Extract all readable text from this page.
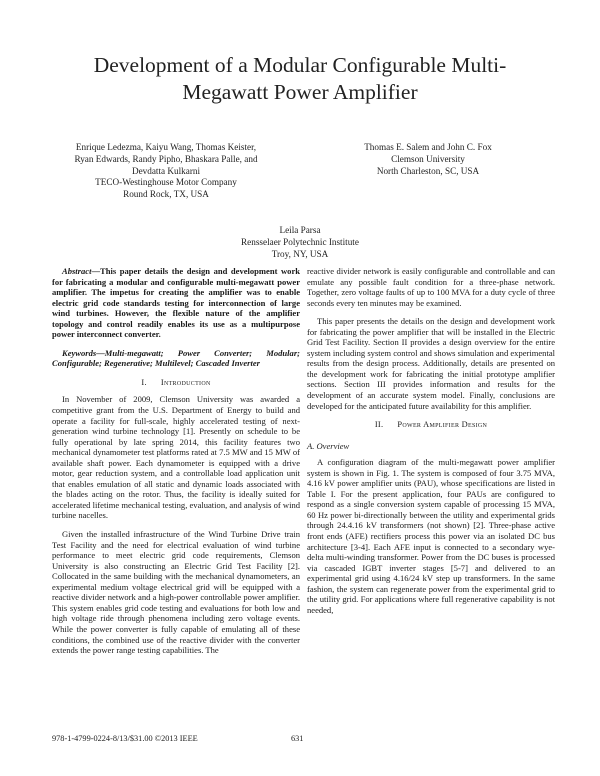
Development of a Modular Configurable Multi-
Megawatt Power Amplifier
Enrique Ledezma, Kaiyu Wang, Thomas Keister,
Ryan Edwards, Randy Pipho, Bhaskara Palle, and
Devdatta Kulkarni
TECO-Westinghouse Motor Company
Round Rock, TX, USA
Thomas E. Salem and John C. Fox
Clemson University
North Charleston, SC, USA
Leila Parsa
Rensselaer Polytechnic Institute
Troy, NY, USA

Abstract—This paper details the design and development work for fabricating a modular and configurable multi-megawatt power amplifier. The impetus for creating the amplifier was to enable electric grid code standards testing for interconnection of large wind turbines. However, the flexible nature of the amplifier topology and control readily enables its use as a multipurpose power interconnect converter.

Keywords—Multi-megawatt; Power Converter; Modular; Configurable; Regenerative; Multilevel; Cascaded Inverter

I. Introduction

In November of 2009, Clemson University was awarded a competitive grant from the U.S. Department of Energy to build and operate a facility for full-scale, highly accelerated testing of next-generation wind turbine technology [1]. Presently on schedule to be fully operational by late spring 2014, this facility features two mechanical dynamometer test platforms rated at 7.5 MW and 15 MW of available shaft power. Each dynamometer is equipped with a drive motor, gear reduction system, and a controllable load application unit that enables emulation of all static and dynamic loads associated with the blades acting on the rotor. Thus, the facility is ideally suited for accelerated lifetime mechanical testing, evaluation, and analysis of wind turbine nacelles.

Given the installed infrastructure of the Wind Turbine Drive train Test Facility and the need for electrical evaluation of wind turbine performance to meet electric grid code requirements, Clemson University is also constructing an Electric Grid Test Facility [2]. Collocated in the same building with the mechanical dynamometers, an experimental medium voltage electrical grid will be equipped with a reactive divider network and a high-power controllable power amplifier. This system enables grid code testing and evaluations for both low and high voltage ride through phenomena including zero voltage events. While the power converter is fully capable of emulating all of these conditions, the combined use of the reactive divider with the converter extends the power range testing capabilities. The

reactive divider network is easily configurable and controllable and can emulate any possible fault condition for a three-phase network. Together, zero voltage faults of up to 100 MVA for a duty cycle of three seconds every ten minutes may be examined.

This paper presents the details on the design and development work for fabricating the power amplifier that will be installed in the Electric Grid Test Facility. Section II provides a design overview for the entire system including system control and shows simulation and experimental results from the design process. Additionally, details are presented on the development work for fabricating the initial prototype amplifier sections. Section III provides information and results for the development of an accurate system model. Finally, conclusions are developed for the anticipated future availability for this amplifier.

II. Power Amplifier Design
A. Overview

A configuration diagram of the multi-megawatt power amplifier system is shown in Fig. 1. The system is composed of four 3.75 MVA, 4.16 kV power amplifier units (PAU), whose specifications are listed in Table I. For the present application, four PAUs are configured to respond as a single conversion system capable of processing 15 MVA, 60 Hz power bi-directionally between the utility and experimental grids through 24.4.16 kV transformers (not shown) [2]. Three-phase active front ends (AFE) rectifiers process this power via an isolated DC bus architecture [3-4]. Each AFE input is connected to a secondary wye-delta multi-winding transformer. Power from the DC buses is processed via cascaded IGBT inverter stages [5-7] and delivered to an experimental grid using 4.16/24 kV step up transformers. In the same fashion, the system can regenerate power from the experimental grid to the utility grid. For applications where full regenerative capability is not needed,

978-1-4799-0224-8/13/$31.00 ©2013 IEEE	631
